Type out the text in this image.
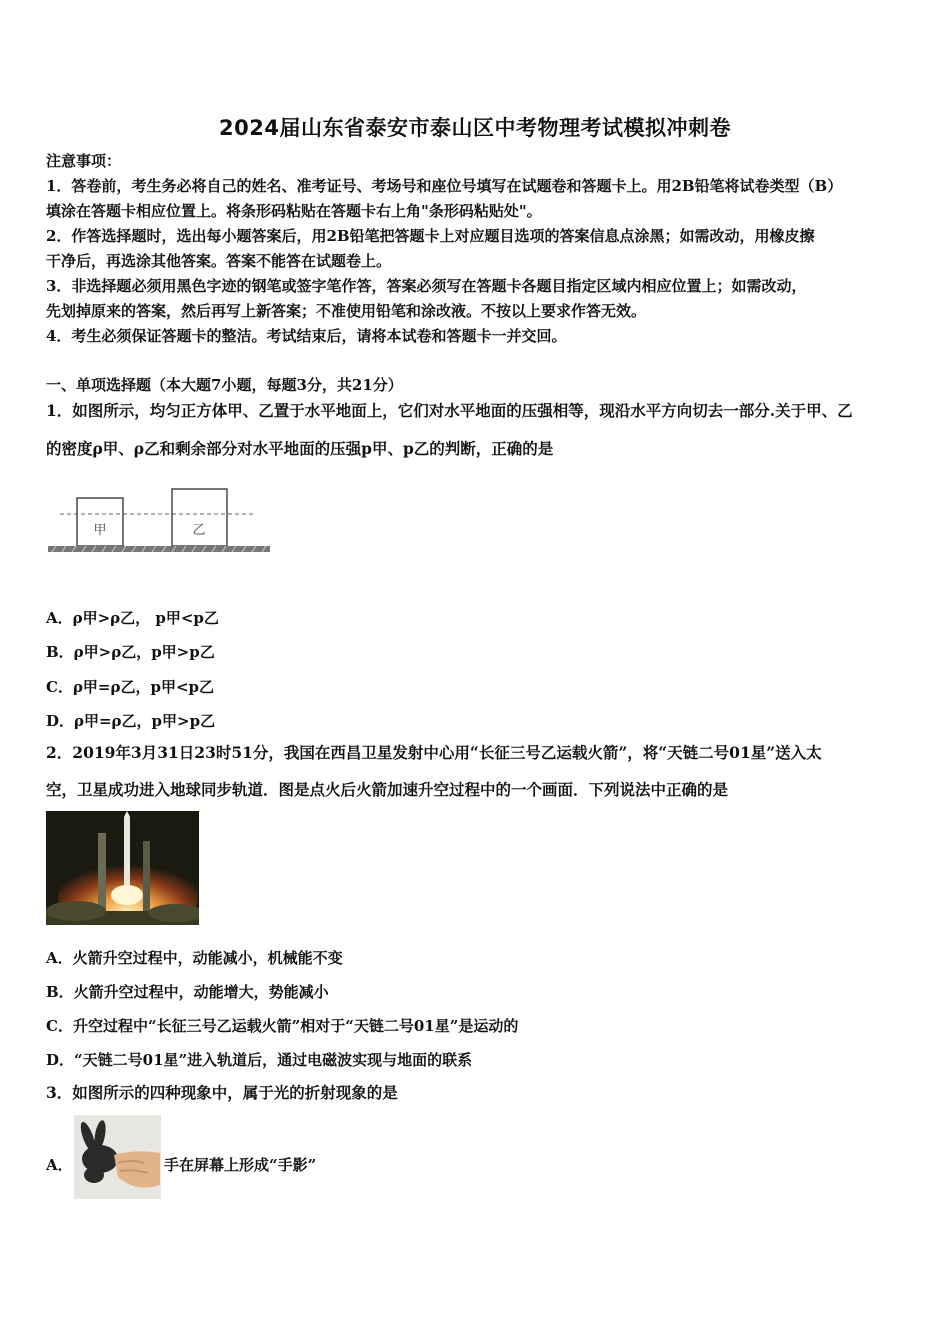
2024届山东省泰安市泰山区中考物理考试模拟冲刺卷
注意事项：
1．答卷前，考生务必将自己的姓名、准考证号、考场号和座位号填写在试题卷和答题卡上。用2B铅笔将试卷类型（B）
填涂在答题卡相应位置上。将条形码粘贴在答题卡右上角"条形码粘贴处"。
2．作答选择题时，选出每小题答案后，用2B铅笔把答题卡上对应题目选项的答案信息点涂黑；如需改动，用橡皮擦
干净后，再选涂其他答案。答案不能答在试题卷上。
3．非选择题必须用黑色字迹的钢笔或签字笔作答，答案必须写在答题卡各题目指定区域内相应位置上；如需改动，
先划掉原来的答案，然后再写上新答案；不准使用铅笔和涂改液。不按以上要求作答无效。
4．考生必须保证答题卡的整洁。考试结束后，请将本试卷和答题卡一并交回。
一、单项选择题（本大题7小题，每题3分，共21分）
1．如图所示，均匀正方体甲、乙置于水平地面上，它们对水平地面的压强相等，现沿水平方向切去一部分.关于甲、乙
的密度ρ甲、ρ乙和剩余部分对水平地面的压强p甲、p乙的判断，正确的是
甲	乙
A．ρ甲>ρ乙， p甲<p乙
B．ρ甲>ρ乙，p甲>p乙
C．ρ甲=ρ乙，p甲<p乙
D．ρ甲=ρ乙，p甲>p乙
2．2019年3月31日23时51分，我国在西昌卫星发射中心用“长征三号乙运载火箭”，将“天链二号01星”送入太
空，卫星成功进入地球同步轨道．图是点火后火箭加速升空过程中的一个画面．下列说法中正确的是
A．火箭升空过程中，动能减小，机械能不变
B．火箭升空过程中，动能增大，势能减小
C．升空过程中“长征三号乙运载火箭”相对于“天链二号01星”是运动的
D．“天链二号01星”进入轨道后，通过电磁波实现与地面的联系
3．如图所示的四种现象中，属于光的折射现象的是
A．	手在屏幕上形成“手影”
